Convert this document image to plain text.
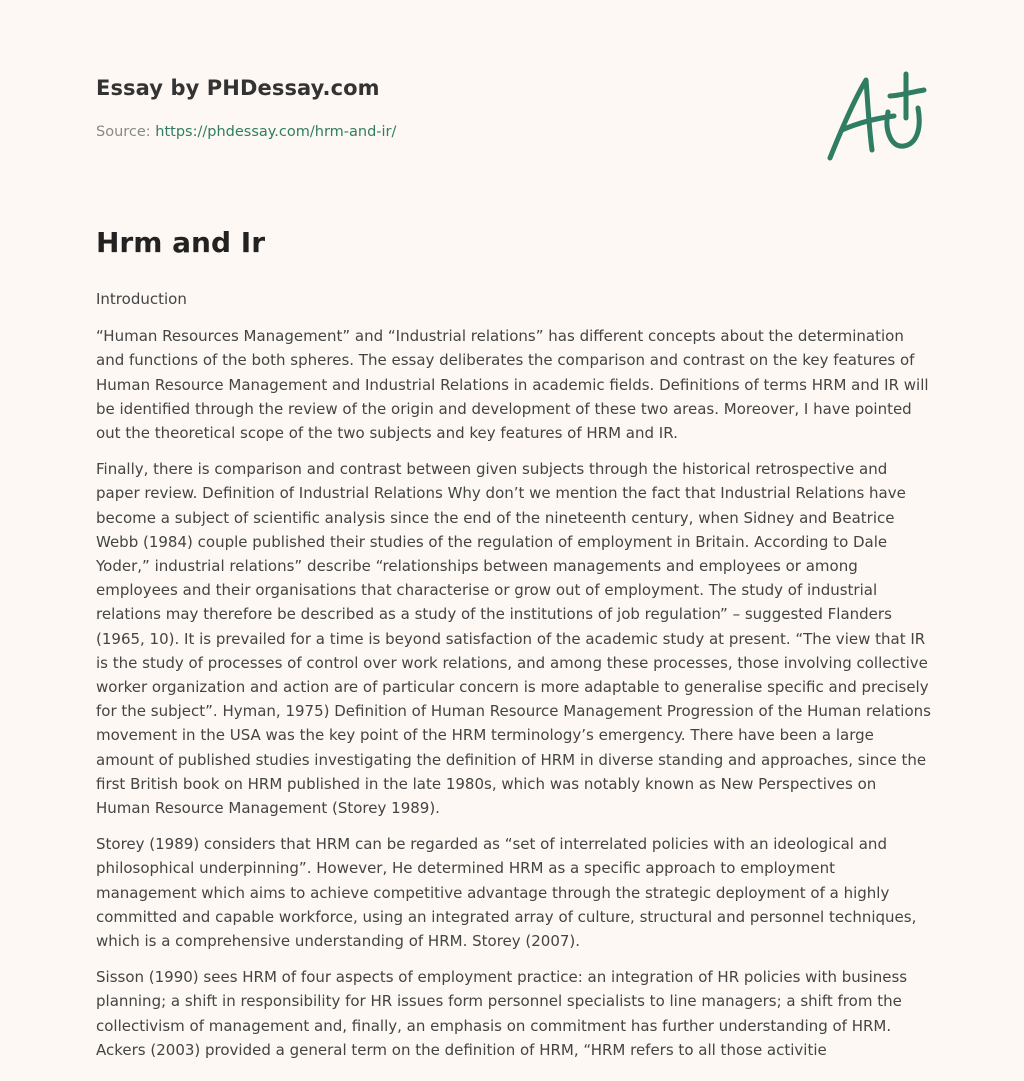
Essay by PHDessay.com
Source: https://phdessay.com/hrm-and-ir/
Hrm and Ir

Introduction

“Human Resources Management” and “Industrial relations” has different concepts about the determination and functions of the both spheres. The essay deliberates the comparison and contrast on the key features of Human Resource Management and Industrial Relations in academic fields. Definitions of terms HRM and IR will be identified through the review of the origin and development of these two areas. Moreover, I have pointed out the theoretical scope of the two subjects and key features of HRM and IR.

Finally, there is comparison and contrast between given subjects through the historical retrospective and paper review. Definition of Industrial Relations Why don’t we mention the fact that Industrial Relations have become a subject of scientific analysis since the end of the nineteenth century, when Sidney and Beatrice Webb (1984) couple published their studies of the regulation of employment in Britain. According to Dale Yoder,” industrial relations” describe “relationships between managements and employees or among employees and their organisations that characterise or grow out of employment. The study of industrial relations may therefore be described as a study of the institutions of job regulation” – suggested Flanders (1965, 10). It is prevailed for a time is beyond satisfaction of the academic study at present. “The view that IR is the study of processes of control over work relations, and among these processes, those involving collective worker organization and action are of particular concern is more adaptable to generalise specific and precisely for the subject”. Hyman, 1975) Definition of Human Resource Management Progression of the Human relations movement in the USA was the key point of the HRM terminology’s emergency. There have been a large amount of published studies investigating the definition of HRM in diverse standing and approaches, since the first British book on HRM published in the late 1980s, which was notably known as New Perspectives on Human Resource Management (Storey 1989).

Storey (1989) considers that HRM can be regarded as “set of interrelated policies with an ideological and philosophical underpinning”. However, He determined HRM as a specific approach to employment management which aims to achieve competitive advantage through the strategic deployment of a highly committed and capable workforce, using an integrated array of culture, structural and personnel techniques, which is a comprehensive understanding of HRM. Storey (2007).

Sisson (1990) sees HRM of four aspects of employment practice: an integration of HR policies with business planning; a shift in responsibility for HR issues form personnel specialists to line managers; a shift from the collectivism of management and, finally, an emphasis on commitment has further understanding of HRM. Ackers (2003) provided a general term on the definition of HRM, “HRM refers to all those activitie
